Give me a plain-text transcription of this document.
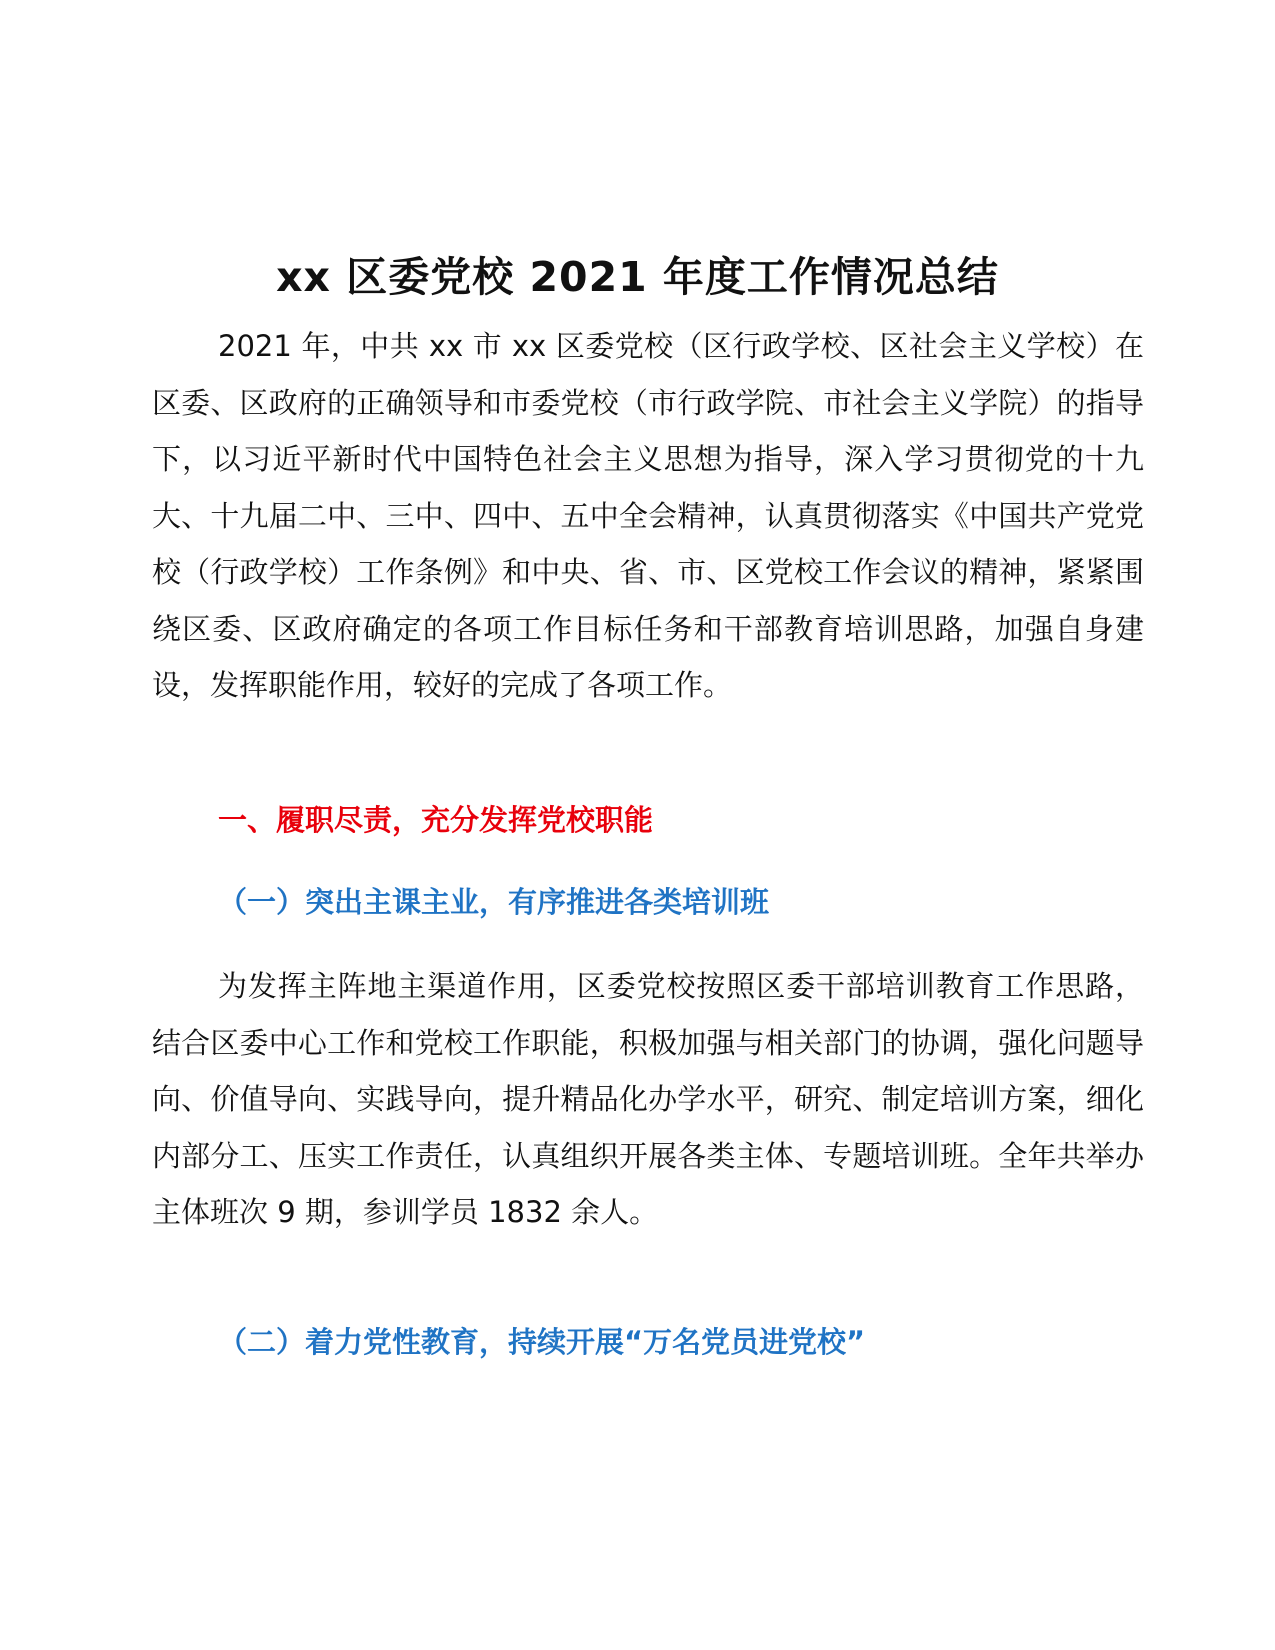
xx 区委党校 2021 年度工作情况总结

2021 年，中共 xx 市 xx 区委党校（区行政学校、区社会主义学校）在区委、区政府的正确领导和市委党校（市行政学院、市社会主义学院）的指导下，以习近平新时代中国特色社会主义思想为指导，深入学习贯彻党的十九大、十九届二中、三中、四中、五中全会精神，认真贯彻落实《中国共产党党校（行政学校）工作条例》和中央、省、市、区党校工作会议的精神，紧紧围绕区委、区政府确定的各项工作目标任务和干部教育培训思路，加强自身建设，发挥职能作用，较好的完成了各项工作。

一、履职尽责，充分发挥党校职能
（一）突出主课主业，有序推进各类培训班

为发挥主阵地主渠道作用，区委党校按照区委干部培训教育工作思路，结合区委中心工作和党校工作职能，积极加强与相关部门的协调，强化问题导向、价值导向、实践导向，提升精品化办学水平，研究、制定培训方案，细化内部分工、压实工作责任，认真组织开展各类主体、专题培训班。全年共举办主体班次 9 期，参训学员 1832 余人。

（二）着力党性教育，持续开展“万名党员进党校”
